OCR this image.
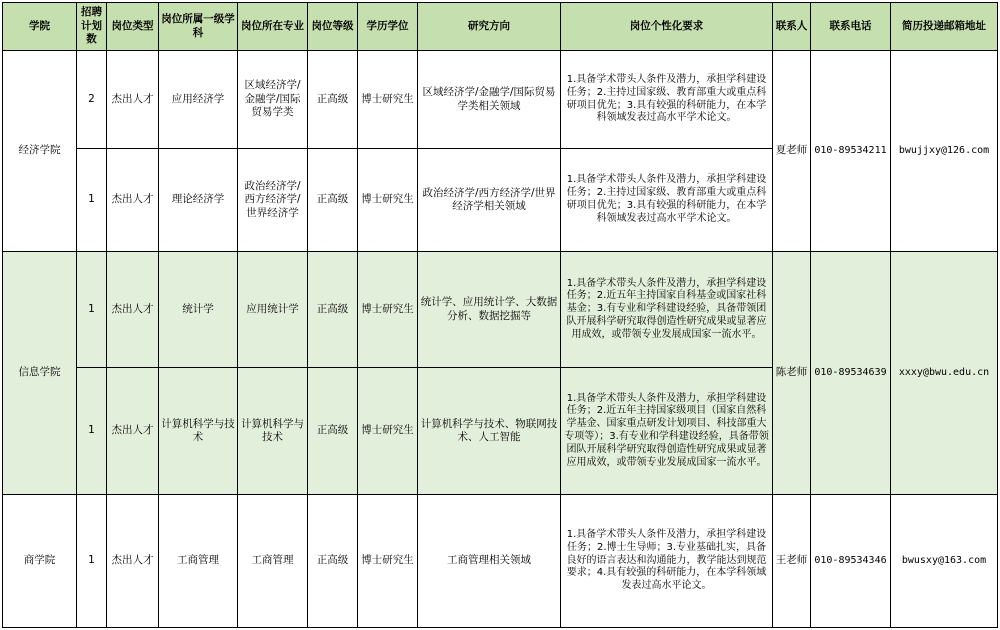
学院	招聘计划数	岗位类型	岗位所属一级学科	岗位所在专业	岗位等级	学历学位	研究方向	岗位个性化要求	联系人	联系电话	简历投递邮箱地址
经济学院	2	杰出人才	应用经济学	区域经济学/金融学/国际贸易学类	正高级	博士研究生	区域经济学/金融学/国际贸易学类相关领域	1.具备学术带头人条件及潜力，承担学科建设任务；2.主持过国家级、教育部重大或重点科研项目优先；3.具有较强的科研能力，在本学科领域发表过高水平学术论文。	夏老师	010-89534211	bwujjxy@126.com
	1	杰出人才	理论经济学	政治经济学/西方经济学/世界经济学	正高级	博士研究生	政治经济学/西方经济学/世界经济学相关领域	1.具备学术带头人条件及潜力，承担学科建设任务；2.主持过国家级、教育部重大或重点科研项目优先；3.具有较强的科研能力，在本学科领域发表过高水平学术论文。			
信息学院	1	杰出人才	统计学	应用统计学	正高级	博士研究生	统计学、应用统计学、大数据分析、数据挖掘等	1.具备学术带头人条件及潜力，承担学科建设任务；2.近五年主持国家自科基金或国家社科基金；3.有专业和学科建设经验，具备带领团队开展科学研究取得创造性研究成果或显著应用成效，或带领专业发展成国家一流水平。	陈老师	010-89534639	xxxy@bwu.edu.cn
	1	杰出人才	计算机科学与技术	计算机科学与技术	正高级	博士研究生	计算机科学与技术、物联网技术、人工智能	1.具备学术带头人条件及潜力，承担学科建设任务；2.近五年主持国家级项目（国家自然科学基金、国家重点研发计划项目、科技部重大专项等）；3.有专业和学科建设经验，具备带领团队开展科学研究取得创造性研究成果或显著应用成效，或带领专业发展成国家一流水平。			
商学院	1	杰出人才	工商管理	工商管理	正高级	博士研究生	工商管理相关领域	1.具备学术带头人条件及潜力，承担学科建设任务；2.博士生导师；3.专业基础扎实，具备良好的语言表达和沟通能力，教学能达到规范要求；4.具有较强的科研能力，在本学科领域发表过高水平论文。	王老师	010-89534346	bwusxy@163.com
